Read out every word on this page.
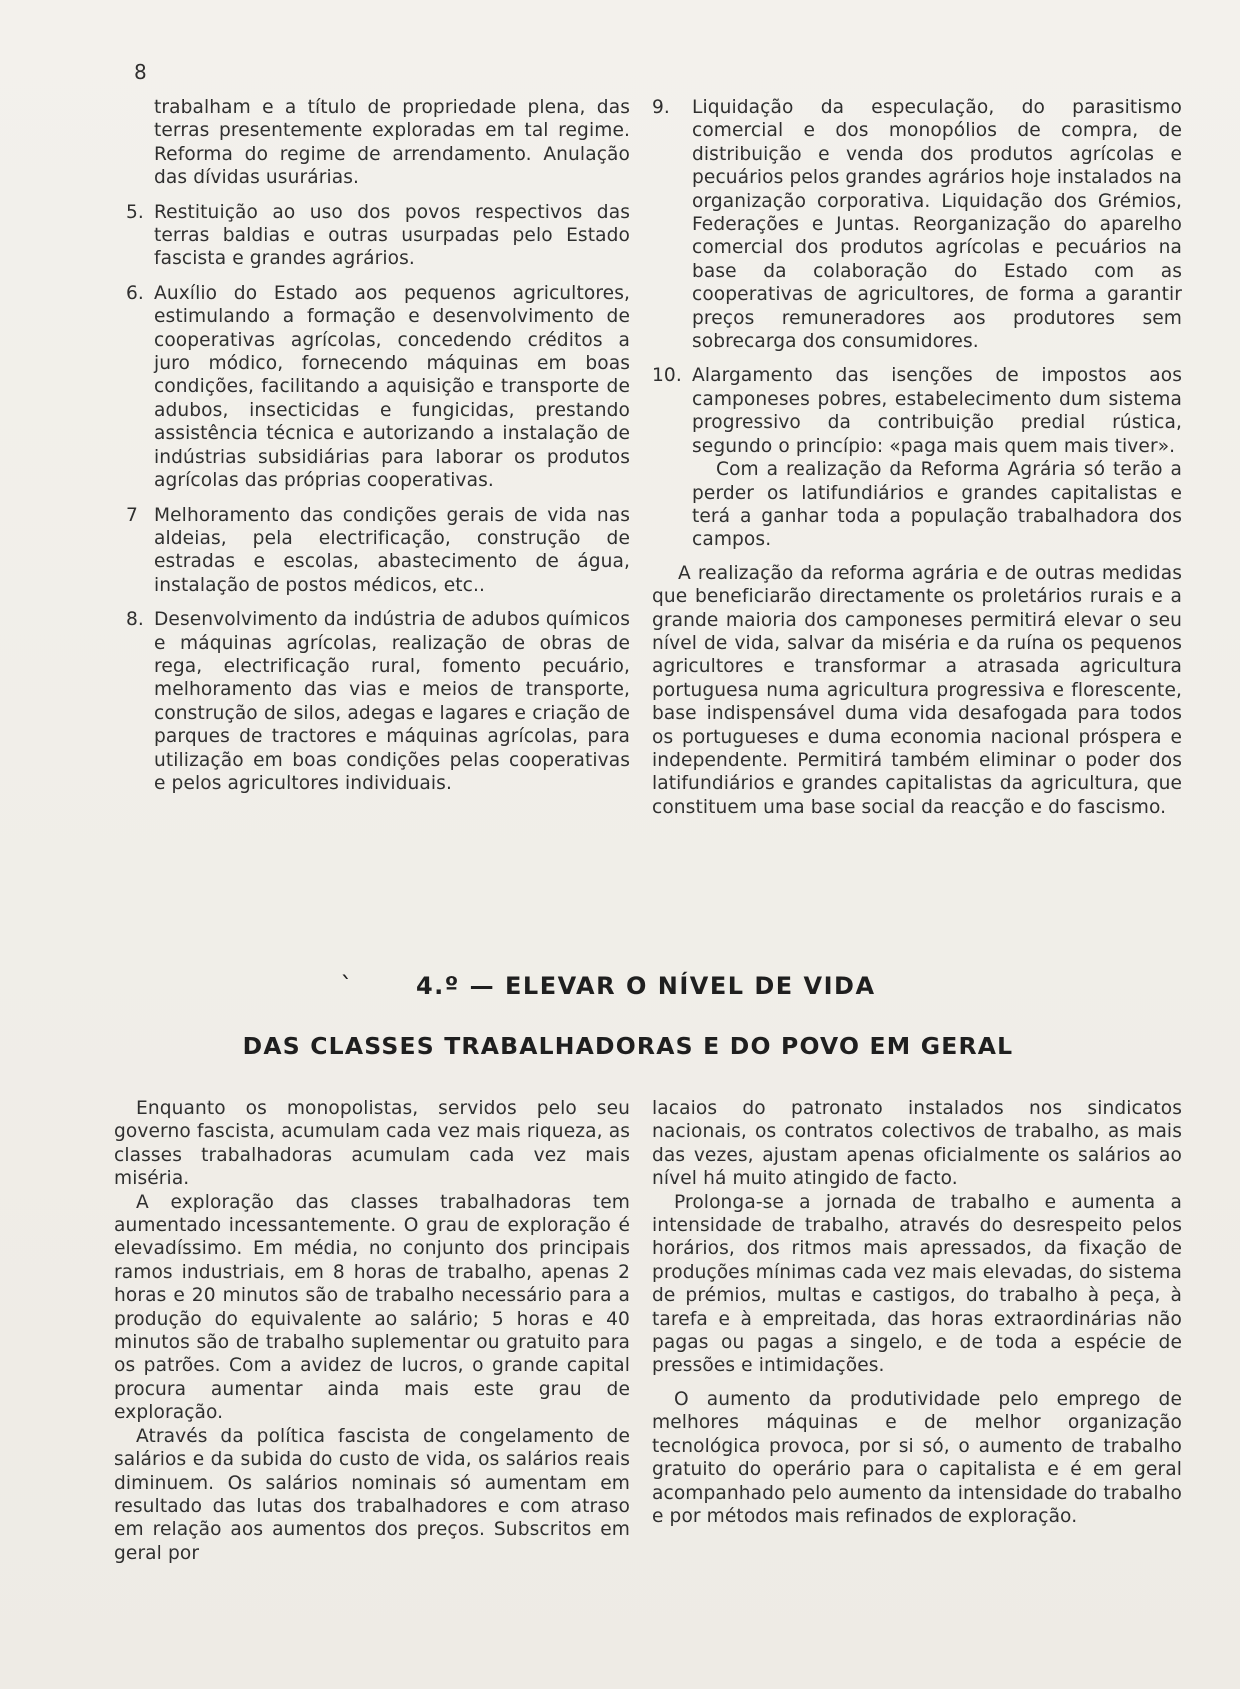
8
trabalham e a título de propriedade plena, das terras presentemente exploradas em tal regime. Reforma do regime de arrendamento. Anulação das dívidas usurárias.
5. Restituição ao uso dos povos respectivos das terras baldias e outras usurpadas pelo Estado fascista e grandes agrários.
6. Auxílio do Estado aos pequenos agricultores, estimulando a formação e desenvolvimento de cooperativas agrícolas, concedendo créditos a juro módico, fornecendo máquinas em boas condições, facilitando a aquisição e transporte de adubos, insecticidas e fungicidas, prestando assistência técnica e autorizando a instalação de indústrias subsidiárias para laborar os produtos agrícolas das próprias cooperativas.
7 Melhoramento das condições gerais de vida nas aldeias, pela electrificação, construção de estradas e escolas, abastecimento de água, instalação de postos médicos, etc..
8. Desenvolvimento da indústria de adubos químicos e máquinas agrícolas, realização de obras de rega, electrificação rural, fomento pecuário, melhoramento das vias e meios de transporte, construção de silos, adegas e lagares e criação de parques de tractores e máquinas agrícolas, para utilização em boas condições pelas cooperativas e pelos agricultores individuais.
9.	Liquidação da especulação, do parasitismo comercial e dos monopólios de compra, de distribuição e venda dos produtos agrícolas e pecuários pelos grandes agrários hoje instalados na organização corporativa. Liquidação dos Grémios, Federações e Juntas. Reorganização do aparelho comercial dos produtos agrícolas e pecuários na base da colaboração do Estado com as cooperativas de agricultores, de forma a garantir preços remuneradores aos produtores sem sobrecarga dos consumidores.
10. Alargamento das isenções de impostos aos camponeses pobres, estabelecimento dum sistema progressivo da contribuição predial rústica, segundo o princípio: «paga mais quem mais tiver».
Com a realização da Reforma Agrária só terão a perder os latifundiários e grandes capitalistas e terá a ganhar toda a população trabalhadora dos campos.

A realização da reforma agrária e de outras medidas que beneficiarão directamente os proletários rurais e a grande maioria dos camponeses permitirá elevar o seu nível de vida, salvar da miséria e da ruína os pequenos agricultores e transformar a atrasada agricultura portuguesa numa agricultura progressiva e florescente, base indispensável duma vida desafogada para todos os portugueses e duma economia nacional próspera e independente. Permitirá também eliminar o poder dos latifundiários e grandes capitalistas da agricultura, que constituem uma base social da reacção e do fascismo.

`	4.º — ELEVAR O NÍVEL DE VIDA
DAS CLASSES TRABALHADORAS E DO POVO EM GERAL

Enquanto os monopolistas, servidos pelo seu governo fascista, acumulam cada vez mais riqueza, as classes trabalhadoras acumulam cada vez mais miséria.

A exploração das classes trabalhadoras tem aumentado incessantemente. O grau de exploração é elevadíssimo. Em média, no conjunto dos principais ramos industriais, em 8 horas de trabalho, apenas 2 horas e 20 minutos são de trabalho necessário para a produção do equivalente ao salário; 5 horas e 40 minutos são de trabalho suplementar ou gratuito para os patrões. Com a avidez de lucros, o grande capital procura aumentar ainda mais este grau de exploração.

Através da política fascista de congelamento de salários e da subida do custo de vida, os salários reais diminuem. Os salários nominais só aumentam em resultado das lutas dos trabalhadores e com atraso em relação aos aumentos dos preços. Subscritos em geral por

lacaios do patronato instalados nos sindicatos nacionais, os contratos colectivos de trabalho, as mais das vezes, ajustam apenas oficialmente os salários ao nível há muito atingido de facto.

Prolonga-se a jornada de trabalho e aumenta a intensidade de trabalho, através do desrespeito pelos horários, dos ritmos mais apressados, da fixação de produções mínimas cada vez mais elevadas, do sistema de prémios, multas e castigos, do trabalho à peça, à tarefa e à empreitada, das horas extraordinárias não pagas ou pagas a singelo, e de toda a espécie de pressões e intimidações.

O aumento da produtividade pelo emprego de melhores máquinas e de melhor organização tecnológica provoca, por si só, o aumento de trabalho gratuito do operário para o capitalista e é em geral acompanhado pelo aumento da intensidade do trabalho e por métodos mais refinados de exploração.
